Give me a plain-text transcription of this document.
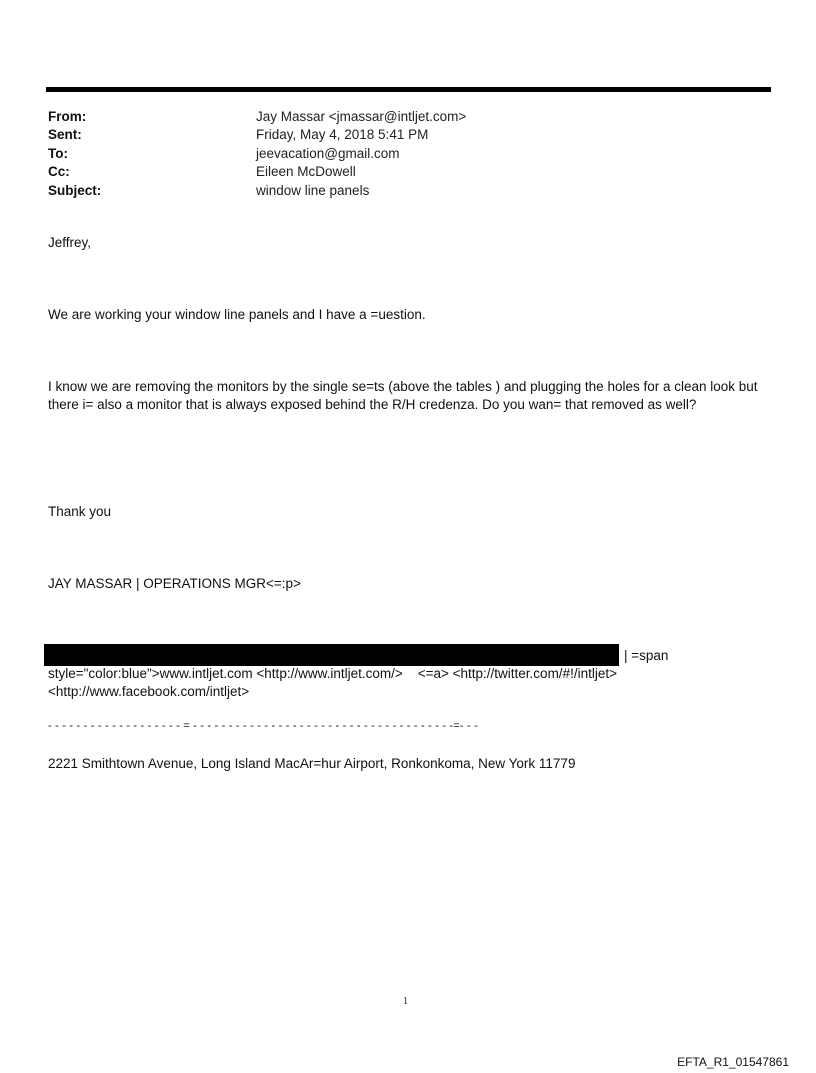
From:	Jay Massar <jmassar@intljet.com>
Sent:	Friday, May 4, 2018 5:41 PM
To:	jeevacation@gmail.com
Cc:	Eileen McDowell
Subject:	window line panels
Jeffrey,
We are working your window line panels and I have a =uestion.
I know we are removing the monitors by the single se=ts (above the tables ) and plugging the holes for a clean look but
there i= also a monitor that is always exposed behind the R/H credenza. Do you wan= that removed as well?
Thank you
JAY MASSAR | OPERATIONS MGR<=:p>
| =span
style="color:blue">www.intljet.com <http://www.intljet.com/>    <=a> <http://twitter.com/#!/intljet>
<http://www.facebook.com/intljet>
- - - - - - - - - - - - - - - - - - - = - - - - - - - - - - - - - - - - - - - - - - - - - - - - - - - - - - - - -=- - -
2221 Smithtown Avenue, Long Island MacAr=hur Airport, Ronkonkoma, New York 11779
1
EFTA_R1_01547861
